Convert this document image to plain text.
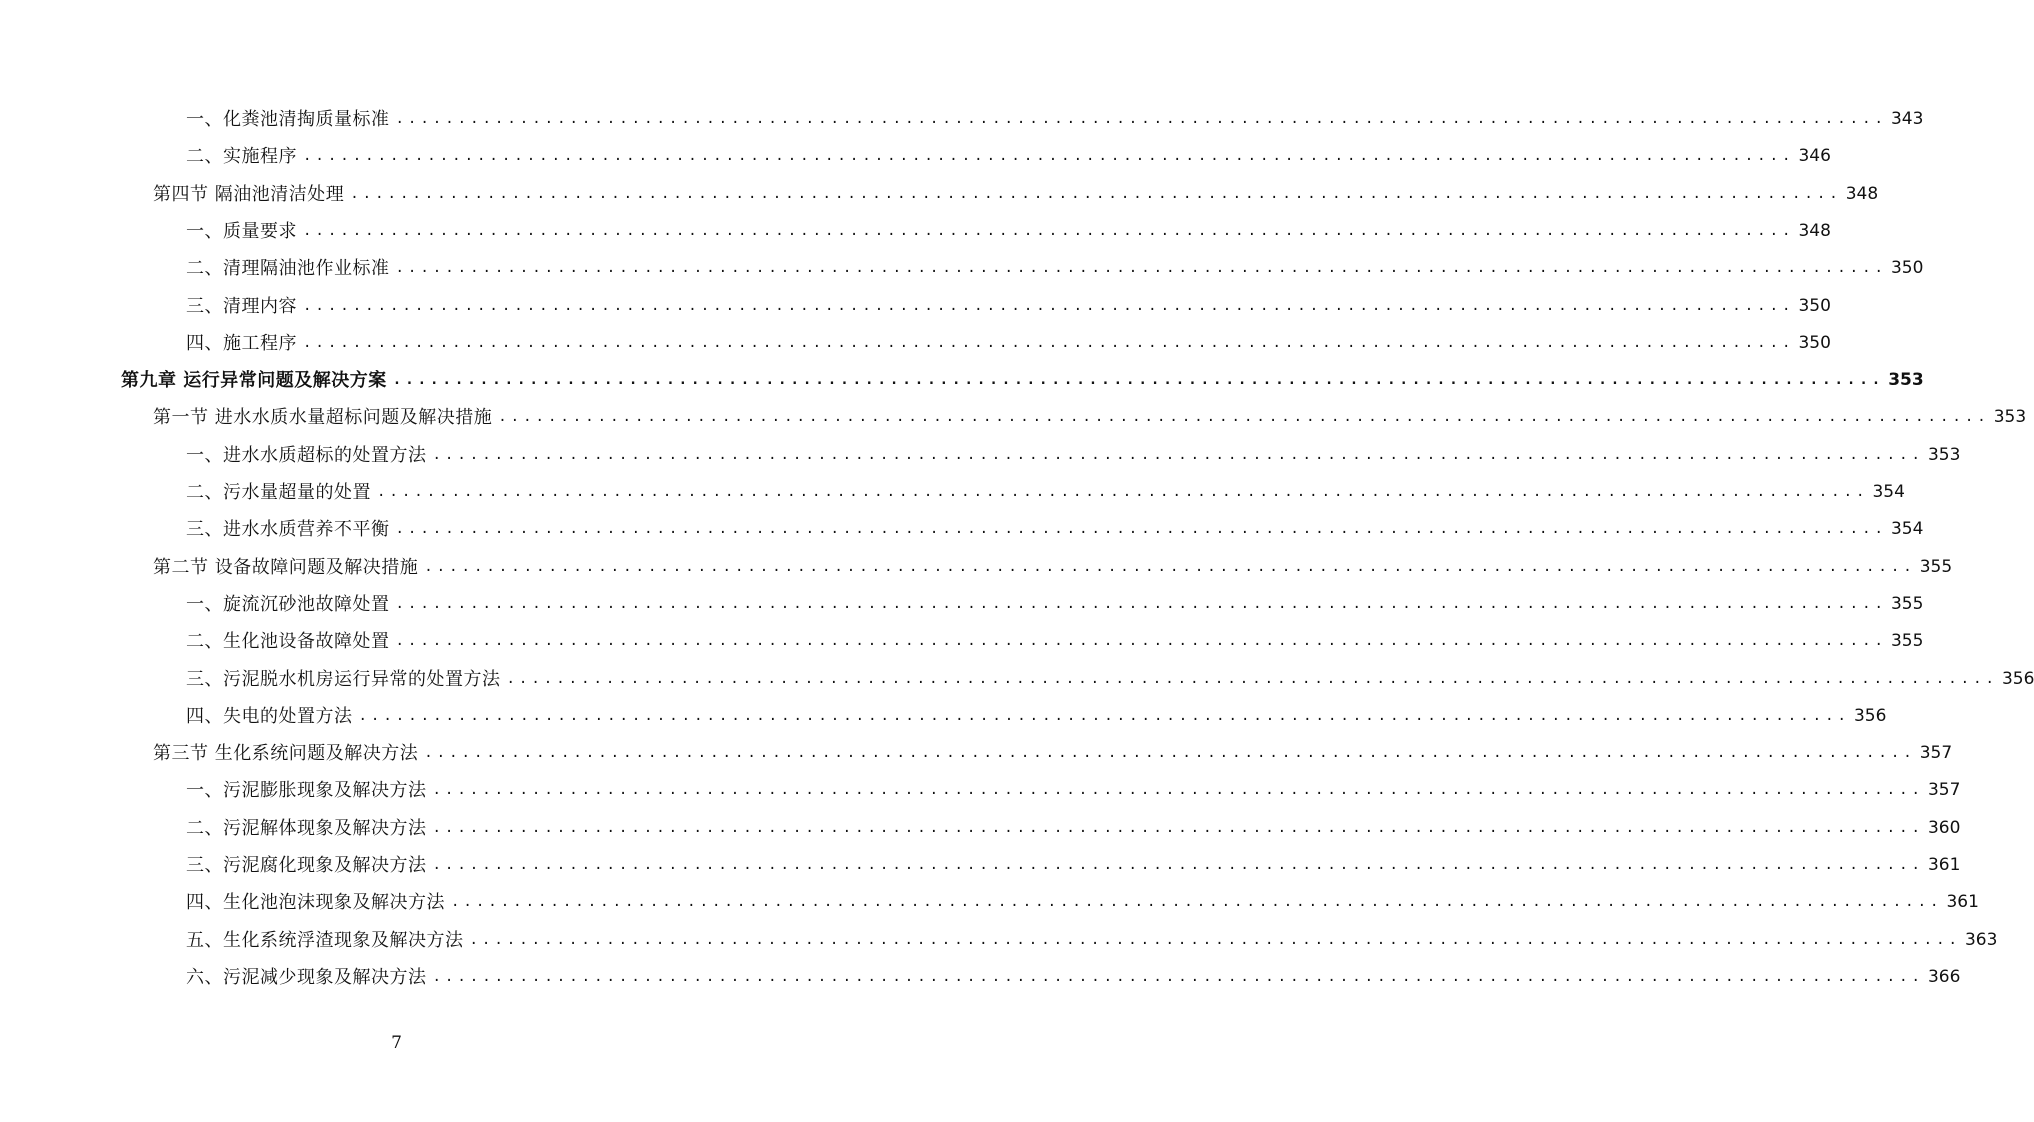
一、化粪池清掏质量标准 ........................................................................................................................ 343
二、实施程序 ........................................................................................................................ 346
第四节 隔油池清洁处理 ........................................................................................................................ 348
一、质量要求 ........................................................................................................................ 348
二、清理隔油池作业标准 ........................................................................................................................ 350
三、清理内容 ........................................................................................................................ 350
四、施工程序 ........................................................................................................................ 350
第九章 运行异常问题及解决方案 ........................................................................................................................ 353
第一节 进水水质水量超标问题及解决措施 ........................................................................................................................ 353
一、进水水质超标的处置方法 ........................................................................................................................ 353
二、污水量超量的处置 ........................................................................................................................ 354
三、进水水质营养不平衡 ........................................................................................................................ 354
第二节 设备故障问题及解决措施 ........................................................................................................................ 355
一、旋流沉砂池故障处置 ........................................................................................................................ 355
二、生化池设备故障处置 ........................................................................................................................ 355
三、污泥脱水机房运行异常的处置方法 ........................................................................................................................ 356
四、失电的处置方法 ........................................................................................................................ 356
第三节 生化系统问题及解决方法 ........................................................................................................................ 357
一、污泥膨胀现象及解决方法 ........................................................................................................................ 357
二、污泥解体现象及解决方法 ........................................................................................................................ 360
三、污泥腐化现象及解决方法 ........................................................................................................................ 361
四、生化池泡沫现象及解决方法 ........................................................................................................................ 361
五、生化系统浮渣现象及解决方法 ........................................................................................................................ 363
六、污泥减少现象及解决方法 ........................................................................................................................ 366
7
